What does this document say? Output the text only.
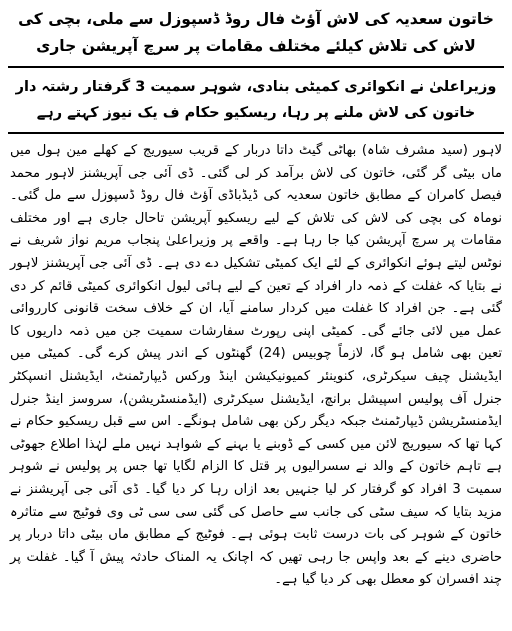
خاتون سعدیہ کی لاش آؤٹ فال روڈ ڈسپوزل سے ملی، بچی کی لاش کی تلاش کیلئے مختلف مقامات پر سرچ آپریشن جاری
وزیراعلیٰ نے انکوائری کمیٹی بنادی، شوہر سمیت 3 گرفتار رشتہ دار خاتون کی لاش ملنے پر رہا، ریسکیو حکام ف یک نیوز کہتے رہے
لاہور (سید مشرف شاہ) بھاٹی گیٹ داتا دربار کے قریب سیوریج کے کھلے مین ہول میں ماں بیٹی گر گئی، خاتون کی لاش برآمد کر لی گئی۔ ڈی آئی جی آپریشنز لاہور محمد فیصل کامران کے مطابق خاتون سعدیہ کی ڈیڈباڈی آؤٹ فال روڈ ڈسپوزل سے مل گئی۔ نوماہ کی بچی کی لاش کی تلاش کے لیے ریسکیو آپریشن تاحال جاری ہے اور مختلف مقامات پر سرچ آپریشن کیا جا رہا ہے۔ واقعے پر وزیراعلیٰ پنجاب مریم نواز شریف نے نوٹس لیتے ہوئے انکوائری کے لئے ایک کمیٹی تشکیل دے دی ہے۔ ڈی آئی جی آپریشنز لاہور نے بتایا کہ غفلت کے ذمہ دار افراد کے تعین کے لیے ہائی لیول انکوائری کمیٹی قائم کر دی گئی ہے۔ جن افراد کا غفلت میں کردار سامنے آیا، ان کے خلاف سخت قانونی کارروائی عمل میں لائی جائے گی۔ کمیٹی اپنی رپورٹ سفارشات سمیت جن میں ذمہ داریوں کا تعین بھی شامل ہو گا، لازماً چوبیس (24) گھنٹوں کے اندر پیش کرے گی۔ کمیٹی میں ایڈیشنل چیف سیکرٹری، کنوینئر کمیونیکیشن اینڈ ورکس ڈیپارٹمنٹ، ایڈیشنل انسپکٹر جنرل آف پولیس اسپیشل برانچ، ایڈیشنل سیکرٹری (ایڈمنسٹریشن)، سروسز اینڈ جنرل ایڈمنسٹریشن ڈیپارٹمنٹ جبکہ دیگر رکن بھی شامل ہونگے۔ اس سے قبل ریسکیو حکام نے کہا تھا کہ سیوریج لائن میں کسی کے ڈوبنے یا بہنے کے شواہد نہیں ملے لہٰذا اطلاع جھوٹی ہے تاہم خاتون کے والد نے سسرالیوں پر قتل کا الزام لگایا تھا جس پر پولیس نے شوہر سمیت 3 افراد کو گرفتار کر لیا جنہیں بعد ازاں رہا کر دیا گیا۔ ڈی آئی جی آپریشنز نے مزید بتایا کہ سیف سٹی کی جانب سے حاصل کی گئی سی سی ٹی وی فوٹیج سے متاثرہ خاتون کے شوہر کی بات درست ثابت ہوئی ہے۔ فوٹیج کے مطابق ماں بیٹی داتا دربار پر حاضری دینے کے بعد واپس جا رہی تھیں کہ اچانک یہ المناک حادثہ پیش آ گیا۔ غفلت پر چند افسران کو معطل بھی کر دیا گیا ہے۔
